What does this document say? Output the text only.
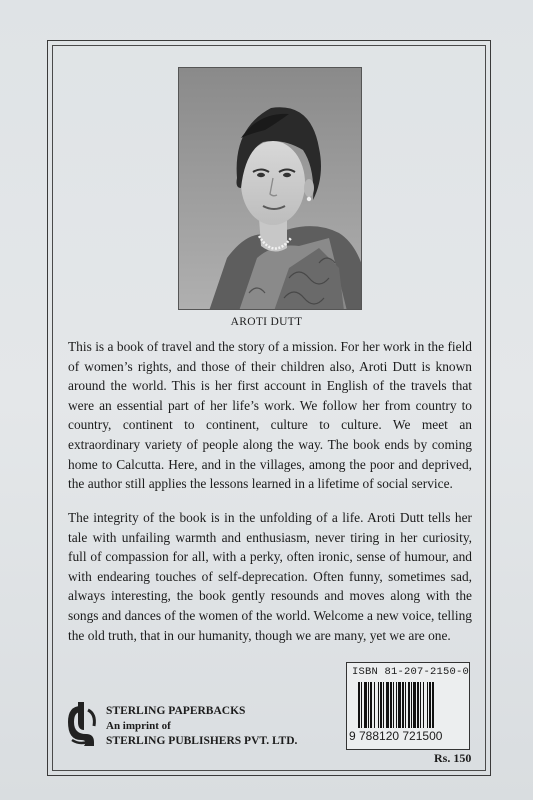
AROTI DUTT

This is a book of travel and the story of a mission. For her work in the field of women’s rights, and those of their children also, Aroti Dutt is known around the world. This is her first account in English of the travels that were an essential part of her life’s work. We follow her from country to country, continent to continent, culture to culture. We meet an extraordinary variety of people along the way. The book ends by coming home to Calcutta. Here, and in the villages, among the poor and deprived, the author still applies the lessons learned in a lifetime of social service.

The integrity of the book is in the unfolding of a life. Aroti Dutt tells her tale with unfailing warmth and enthusiasm, never tiring in her curiosity, full of compassion for all, with a perky, often ironic, sense of humour, and with endearing touches of self-deprecation. Often funny, sometimes sad, always interesting, the book gently resounds and moves along with the songs and dances of the women of the world. Welcome a new voice, telling the old truth, that in our humanity, though we are many, yet we are one.

STERLING PAPERBACKS
An imprint of
STERLING PUBLISHERS PVT. LTD.
ISBN 81-207-2150-0
9 788120 721500
Rs. 150
